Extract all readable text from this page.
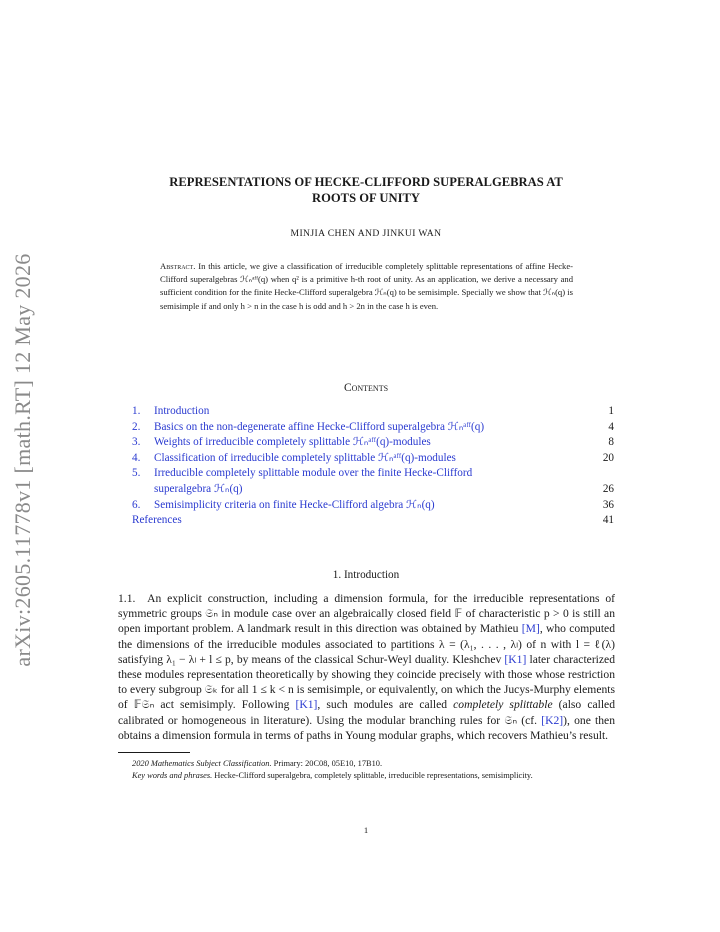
arXiv:2605.11778v1 [math.RT] 12 May 2026
REPRESENTATIONS OF HECKE-CLIFFORD SUPERALGEBRAS AT
ROOTS OF UNITY
MINJIA CHEN AND JINKUI WAN
Abstract. In this article, we give a classification of irreducible completely splittable representations of affine Hecke-Clifford superalgebras ℋₙᵃᶠᶠ(q) when q² is a primitive h-th root of unity. As an application, we derive a necessary and sufficient condition for the finite Hecke-Clifford superalgebra ℋₙ(q) to be semisimple. Specially we show that ℋₙ(q) is semisimple if and only h > n in the case h is odd and h > 2n in the case h is even.
Contents
1.	Introduction	1
2.	Basics on the non-degenerate affine Hecke-Clifford superalgebra ℋₙᵃᶠᶠ(q)	4
3.	Weights of irreducible completely splittable ℋₙᵃᶠᶠ(q)-modules	8
4.	Classification of irreducible completely splittable ℋₙᵃᶠᶠ(q)-modules	20
5.	Irreducible completely splittable module over the finite Hecke-Clifford
superalgebra ℋₙ(q)	26
6.	Semisimplicity criteria on finite Hecke-Clifford algebra ℋₙ(q)	36
References	41
1. Introduction
1.1. An explicit construction, including a dimension formula, for the irreducible representations of symmetric groups 𝔖ₙ in module case over an algebraically closed field 𝔽 of characteristic p > 0 is still an open important problem. A landmark result in this direction was obtained by Mathieu [M], who computed the dimensions of the irreducible modules associated to partitions λ = (λ₁, . . . , λₗ) of n with l = ℓ(λ) satisfying λ₁ − λₗ + l ≤ p, by means of the classical Schur-Weyl duality. Kleshchev [K1] later characterized these modules representation theoretically by showing they coincide precisely with those whose restriction to every subgroup 𝔖ₖ for all 1 ≤ k < n is semisimple, or equivalently, on which the Jucys-Murphy elements of 𝔽𝔖ₙ act semisimply. Following [K1], such modules are called completely splittable (also called calibrated or homogeneous in literature). Using the modular branching rules for 𝔖ₙ (cf. [K2]), one then obtains a dimension formula in terms of paths in Young modular graphs, which recovers Mathieu’s result.
2020 Mathematics Subject Classification. Primary: 20C08, 05E10, 17B10.
Key words and phrases. Hecke-Clifford superalgebra, completely splittable, irreducible representations, semisimplicity.
1
